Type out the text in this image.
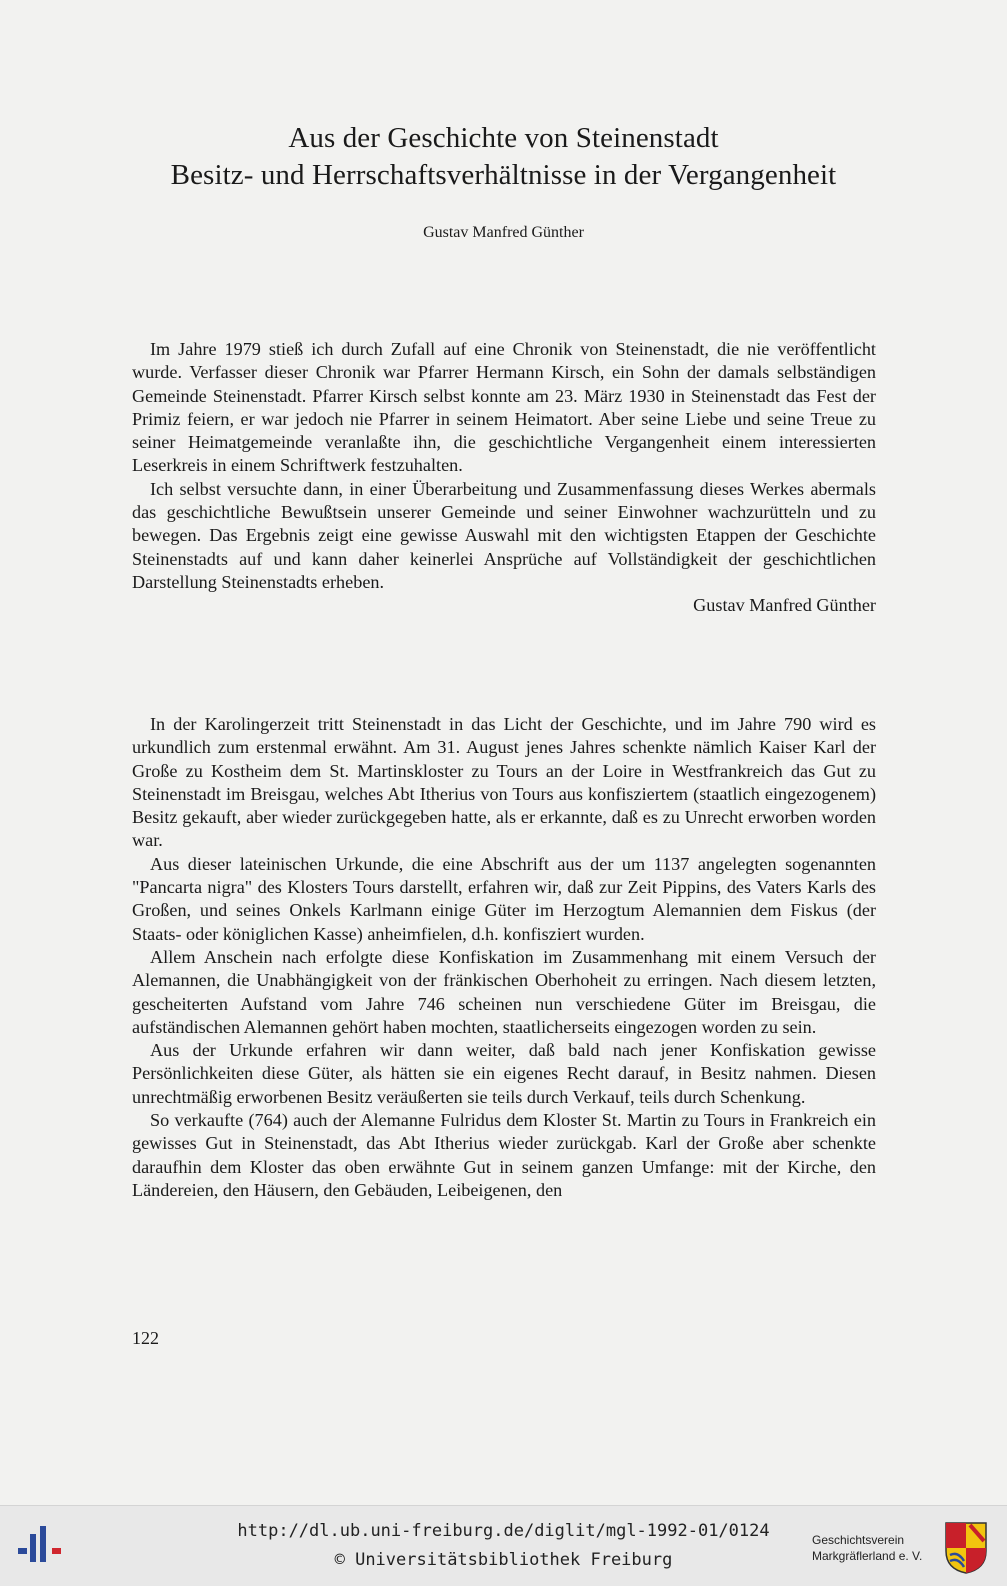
Aus der Geschichte von Steinenstadt
Besitz- und Herrschaftsverhältnisse in der Vergangenheit
Gustav Manfred Günther

Im Jahre 1979 stieß ich durch Zufall auf eine Chronik von Steinenstadt, die nie veröffentlicht wurde. Verfasser dieser Chronik war Pfarrer Hermann Kirsch, ein Sohn der damals selbständigen Gemeinde Steinenstadt. Pfarrer Kirsch selbst konnte am 23. März 1930 in Steinenstadt das Fest der Primiz feiern, er war jedoch nie Pfarrer in seinem Heimatort. Aber seine Liebe und seine Treue zu seiner Heimatgemeinde veranlaßte ihn, die geschichtliche Vergangenheit einem interessierten Leserkreis in einem Schriftwerk festzuhalten.

Ich selbst versuchte dann, in einer Überarbeitung und Zusammenfassung dieses Werkes abermals das geschichtliche Bewußtsein unserer Gemeinde und seiner Einwohner wachzurütteln und zu bewegen. Das Ergebnis zeigt eine gewisse Auswahl mit den wichtigsten Etappen der Geschichte Steinenstadts auf und kann daher keinerlei Ansprüche auf Vollständigkeit der geschichtlichen Darstellung Steinenstadts erheben.

Gustav Manfred Günther

In der Karolingerzeit tritt Steinenstadt in das Licht der Geschichte, und im Jahre 790 wird es urkundlich zum erstenmal erwähnt. Am 31. August jenes Jahres schenkte nämlich Kaiser Karl der Große zu Kostheim dem St. Martinskloster zu Tours an der Loire in Westfrankreich das Gut zu Steinenstadt im Breisgau, welches Abt Itherius von Tours aus konfisziertem (staatlich eingezogenem) Besitz gekauft, aber wieder zurückgegeben hatte, als er erkannte, daß es zu Unrecht erworben worden war.

Aus dieser lateinischen Urkunde, die eine Abschrift aus der um 1137 angelegten sogenannten "Pancarta nigra" des Klosters Tours darstellt, erfahren wir, daß zur Zeit Pippins, des Vaters Karls des Großen, und seines Onkels Karlmann einige Güter im Herzogtum Alemannien dem Fiskus (der Staats- oder königlichen Kasse) anheimfielen, d.h. konfisziert wurden.

Allem Anschein nach erfolgte diese Konfiskation im Zusammenhang mit einem Versuch der Alemannen, die Unabhängigkeit von der fränkischen Oberhoheit zu erringen. Nach diesem letzten, gescheiterten Aufstand vom Jahre 746 scheinen nun verschiedene Güter im Breisgau, die aufständischen Alemannen gehört haben mochten, staatlicherseits eingezogen worden zu sein.

Aus der Urkunde erfahren wir dann weiter, daß bald nach jener Konfiskation gewisse Persönlichkeiten diese Güter, als hätten sie ein eigenes Recht darauf, in Besitz nahmen. Diesen unrechtmäßig erworbenen Besitz veräußerten sie teils durch Verkauf, teils durch Schenkung.

So verkaufte (764) auch der Alemanne Fulridus dem Kloster St. Martin zu Tours in Frankreich ein gewisses Gut in Steinenstadt, das Abt Itherius wieder zurückgab. Karl der Große aber schenkte daraufhin dem Kloster das oben erwähnte Gut in seinem ganzen Umfange: mit der Kirche, den Ländereien, den Häusern, den Gebäuden, Leibeigenen, den

122
http://dl.ub.uni-freiburg.de/diglit/mgl-1992-01/0124
© Universitätsbibliothek Freiburg
Geschichtsverein
Markgräflerland e. V.
